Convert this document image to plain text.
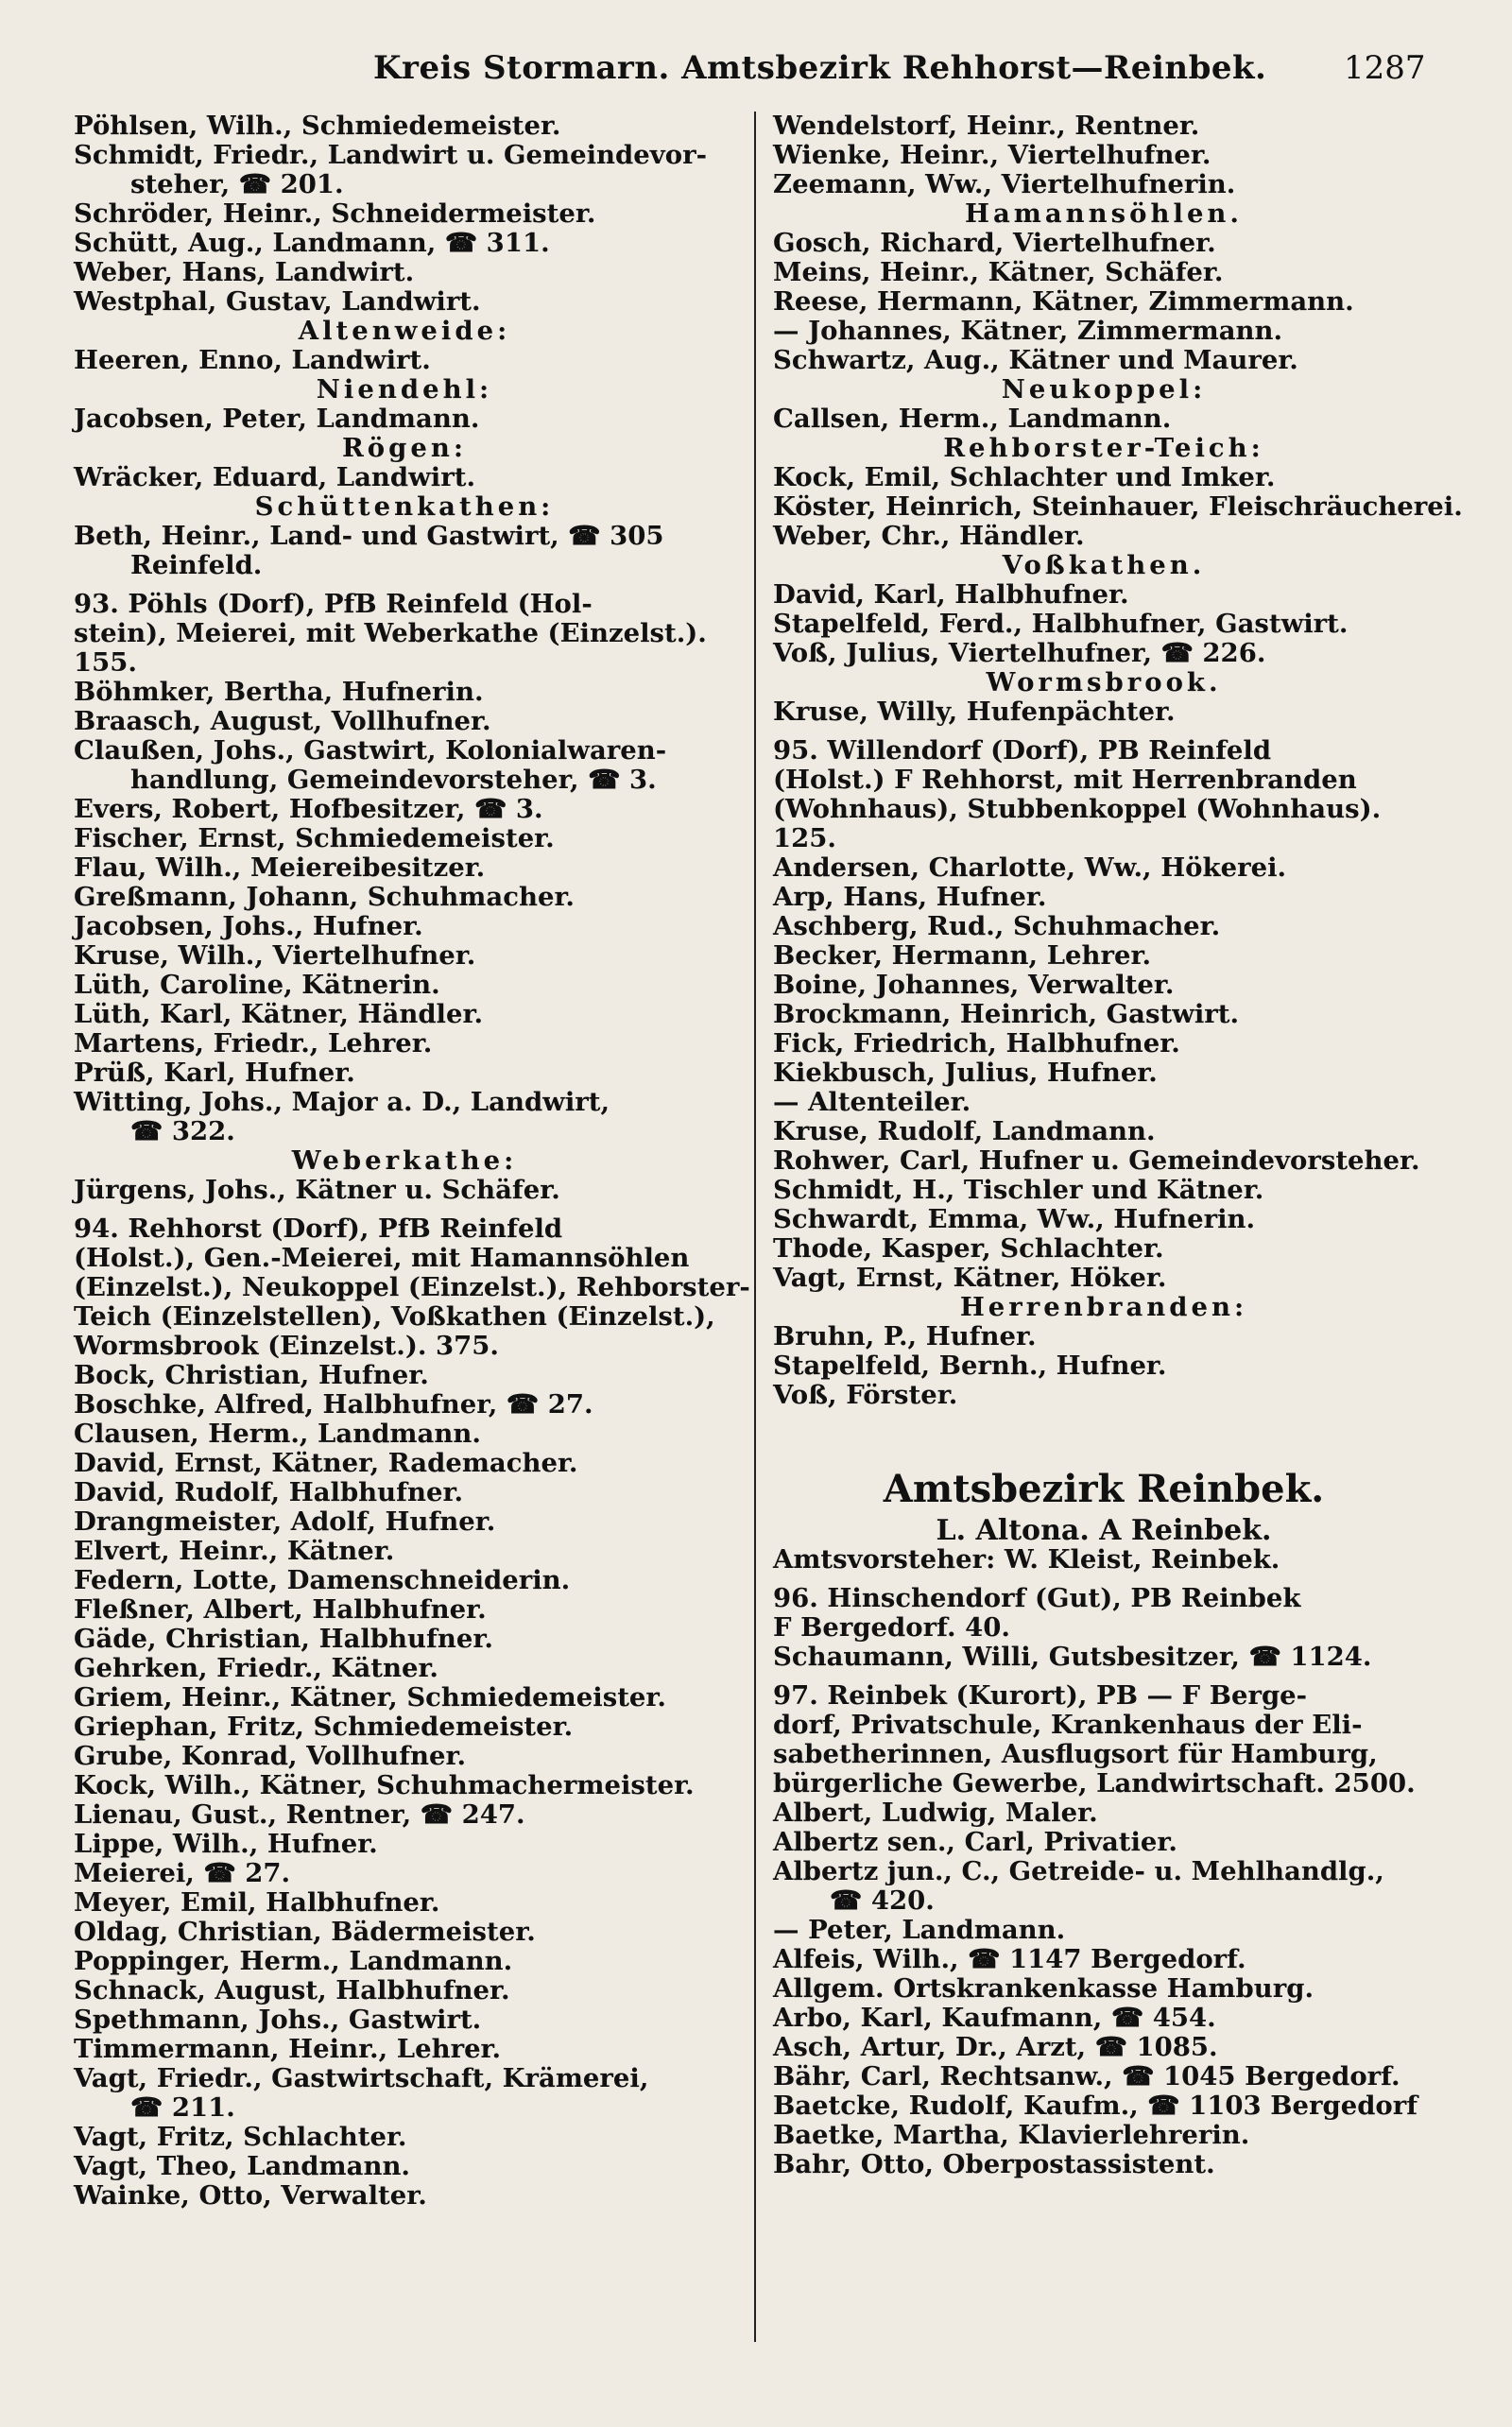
Kreis Stormarn. Amtsbezirk Rehhorst—Reinbek. 1287
Pöhlsen, Wilh., Schmiedemeister.
Schmidt, Friedr., Landwirt u. Gemeindevor-
steher, ☎ 201.
Schröder, Heinr., Schneidermeister.
Schütt, Aug., Landmann, ☎ 311.
Weber, Hans, Landwirt.
Westphal, Gustav, Landwirt.
Altenweide:
Heeren, Enno, Landwirt.
Niendehl:
Jacobsen, Peter, Landmann.
Rögen:
Wräcker, Eduard, Landwirt.
Schüttenkathen:
Beth, Heinr., Land- und Gastwirt, ☎ 305
Reinfeld.
93. Pöhls (Dorf), PfB Reinfeld (Hol-
stein), Meierei, mit Weberkathe (Einzelst.).
155.
Böhmker, Bertha, Hufnerin.
Braasch, August, Vollhufner.
Claußen, Johs., Gastwirt, Kolonialwaren-
handlung, Gemeindevorsteher, ☎ 3.
Evers, Robert, Hofbesitzer, ☎ 3.
Fischer, Ernst, Schmiedemeister.
Flau, Wilh., Meiereibesitzer.
Greßmann, Johann, Schuhmacher.
Jacobsen, Johs., Hufner.
Kruse, Wilh., Viertelhufner.
Lüth, Caroline, Kätnerin.
Lüth, Karl, Kätner, Händler.
Martens, Friedr., Lehrer.
Prüß, Karl, Hufner.
Witting, Johs., Major a. D., Landwirt,
☎ 322.
Weberkathe:
Jürgens, Johs., Kätner u. Schäfer.
94. Rehhorst (Dorf), PfB Reinfeld
(Holst.), Gen.-Meierei, mit Hamannsöhlen
(Einzelst.), Neukoppel (Einzelst.), Rehborster-
Teich (Einzelstellen), Voßkathen (Einzelst.),
Wormsbrook (Einzelst.). 375.
Bock, Christian, Hufner.
Boschke, Alfred, Halbhufner, ☎ 27.
Clausen, Herm., Landmann.
David, Ernst, Kätner, Rademacher.
David, Rudolf, Halbhufner.
Drangmeister, Adolf, Hufner.
Elvert, Heinr., Kätner.
Federn, Lotte, Damenschneiderin.
Fleßner, Albert, Halbhufner.
Gäde, Christian, Halbhufner.
Gehrken, Friedr., Kätner.
Griem, Heinr., Kätner, Schmiedemeister.
Griephan, Fritz, Schmiedemeister.
Grube, Konrad, Vollhufner.
Kock, Wilh., Kätner, Schuhmachermeister.
Lienau, Gust., Rentner, ☎ 247.
Lippe, Wilh., Hufner.
Meierei, ☎ 27.
Meyer, Emil, Halbhufner.
Oldag, Christian, Bädermeister.
Poppinger, Herm., Landmann.
Schnack, August, Halbhufner.
Spethmann, Johs., Gastwirt.
Timmermann, Heinr., Lehrer.
Vagt, Friedr., Gastwirtschaft, Krämerei,
☎ 211.
Vagt, Fritz, Schlachter.
Vagt, Theo, Landmann.
Wainke, Otto, Verwalter.
Wendelstorf, Heinr., Rentner.
Wienke, Heinr., Viertelhufner.
Zeemann, Ww., Viertelhufnerin.
Hamannsöhlen.
Gosch, Richard, Viertelhufner.
Meins, Heinr., Kätner, Schäfer.
Reese, Hermann, Kätner, Zimmermann.
— Johannes, Kätner, Zimmermann.
Schwartz, Aug., Kätner und Maurer.
Neukoppel:
Callsen, Herm., Landmann.
Rehborster-Teich:
Kock, Emil, Schlachter und Imker.
Köster, Heinrich, Steinhauer, Fleischräucherei.
Weber, Chr., Händler.
Voßkathen.
David, Karl, Halbhufner.
Stapelfeld, Ferd., Halbhufner, Gastwirt.
Voß, Julius, Viertelhufner, ☎ 226.
Wormsbrook.
Kruse, Willy, Hufenpächter.
95. Willendorf (Dorf), PB Reinfeld
(Holst.) F Rehhorst, mit Herrenbranden
(Wohnhaus), Stubbenkoppel (Wohnhaus).
125.
Andersen, Charlotte, Ww., Hökerei.
Arp, Hans, Hufner.
Aschberg, Rud., Schuhmacher.
Becker, Hermann, Lehrer.
Boine, Johannes, Verwalter.
Brockmann, Heinrich, Gastwirt.
Fick, Friedrich, Halbhufner.
Kiekbusch, Julius, Hufner.
— Altenteiler.
Kruse, Rudolf, Landmann.
Rohwer, Carl, Hufner u. Gemeindevorsteher.
Schmidt, H., Tischler und Kätner.
Schwardt, Emma, Ww., Hufnerin.
Thode, Kasper, Schlachter.
Vagt, Ernst, Kätner, Höker.
Herrenbranden:
Bruhn, P., Hufner.
Stapelfeld, Bernh., Hufner.
Voß, Förster.
Amtsbezirk Reinbek.
L. Altona. A Reinbek.
Amtsvorsteher: W. Kleist, Reinbek.
96. Hinschendorf (Gut), PB Reinbek
F Bergedorf. 40.
Schaumann, Willi, Gutsbesitzer, ☎ 1124.
97. Reinbek (Kurort), PB — F Berge-
dorf, Privatschule, Krankenhaus der Eli-
sabetherinnen, Ausflugsort für Hamburg,
bürgerliche Gewerbe, Landwirtschaft. 2500.
Albert, Ludwig, Maler.
Albertz sen., Carl, Privatier.
Albertz jun., C., Getreide- u. Mehlhandlg.,
☎ 420.
— Peter, Landmann.
Alfeis, Wilh., ☎ 1147 Bergedorf.
Allgem. Ortskrankenkasse Hamburg.
Arbo, Karl, Kaufmann, ☎ 454.
Asch, Artur, Dr., Arzt, ☎ 1085.
Bähr, Carl, Rechtsanw., ☎ 1045 Bergedorf.
Baetcke, Rudolf, Kaufm., ☎ 1103 Bergedorf
Baetke, Martha, Klavierlehrerin.
Bahr, Otto, Oberpostassistent.
